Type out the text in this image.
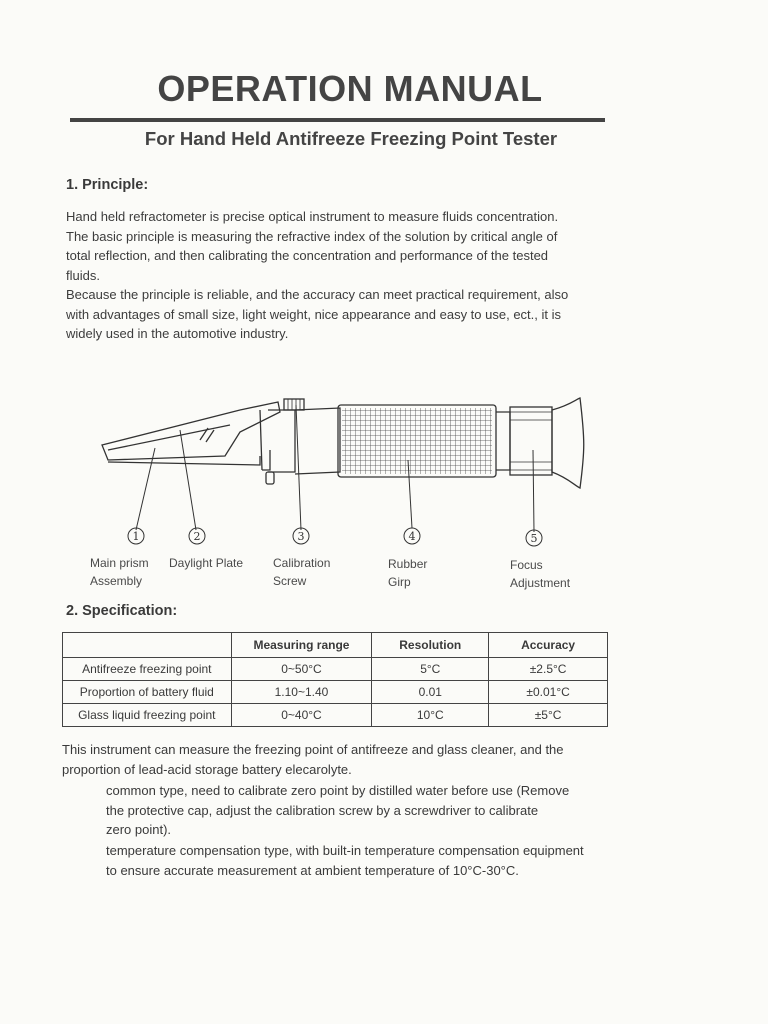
OPERATION MANUAL
For Hand Held Antifreeze Freezing Point Tester
1. Principle:

Hand held refractometer is precise optical instrument to measure fluids concentration.

The basic principle is measuring the refractive index of the solution by critical angle of

total reflection, and then calibrating the concentration and performance of the tested

fluids.

Because the principle is reliable, and the accuracy can meet practical requirement, also

with advantages of small size, light weight, nice appearance and easy to use, ect., it is

widely used in the automotive industry.

1	2	3	4	5
Main prism
Assembly
Daylight Plate Calibration
Screw
Rubber
Girp
Focus
Adjustment
2. Specification:
	Measuring range	Resolution	Accuracy
Antifreeze freezing point	0~50°C	5°C	±2.5°C
Proportion of battery fluid	1.10~1.40	0.01	±0.01°C
Glass liquid freezing point	0~40°C	10°C	±5°C

This instrument can measure the freezing point of antifreeze and glass cleaner, and the

proportion of lead-acid storage battery elecarolyte.

common type, need to calibrate zero point by distilled water before use (Remove

the protective cap, adjust the calibration screw by a screwdriver to calibrate

zero point).

temperature compensation type, with built-in temperature compensation equipment

to ensure accurate measurement at ambient temperature of 10°C-30°C.
